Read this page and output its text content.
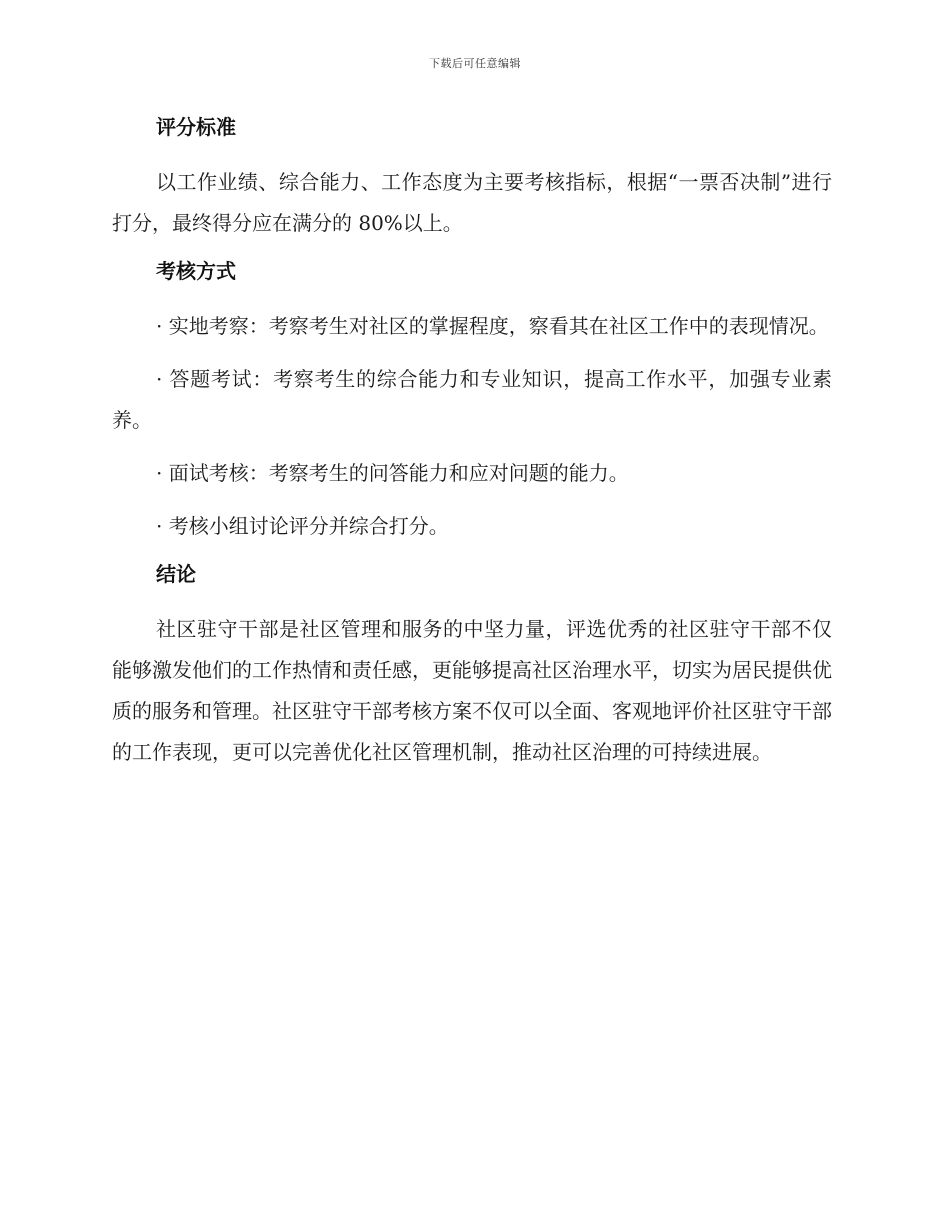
下载后可任意编辑
评分标准

以工作业绩、综合能力、工作态度为主要考核指标，根据“一票否决制”进行打分，最终得分应在满分的 80%以上。

考核方式

· 实地考察：考察考生对社区的掌握程度，察看其在社区工作中的表现情况。

· 答题考试：考察考生的综合能力和专业知识，提高工作水平，加强专业素养。

· 面试考核：考察考生的问答能力和应对问题的能力。

· 考核小组讨论评分并综合打分。

结论

社区驻守干部是社区管理和服务的中坚力量，评选优秀的社区驻守干部不仅能够激发他们的工作热情和责任感，更能够提高社区治理水平，切实为居民提供优质的服务和管理。社区驻守干部考核方案不仅可以全面、客观地评价社区驻守干部的工作表现，更可以完善优化社区管理机制，推动社区治理的可持续进展。
